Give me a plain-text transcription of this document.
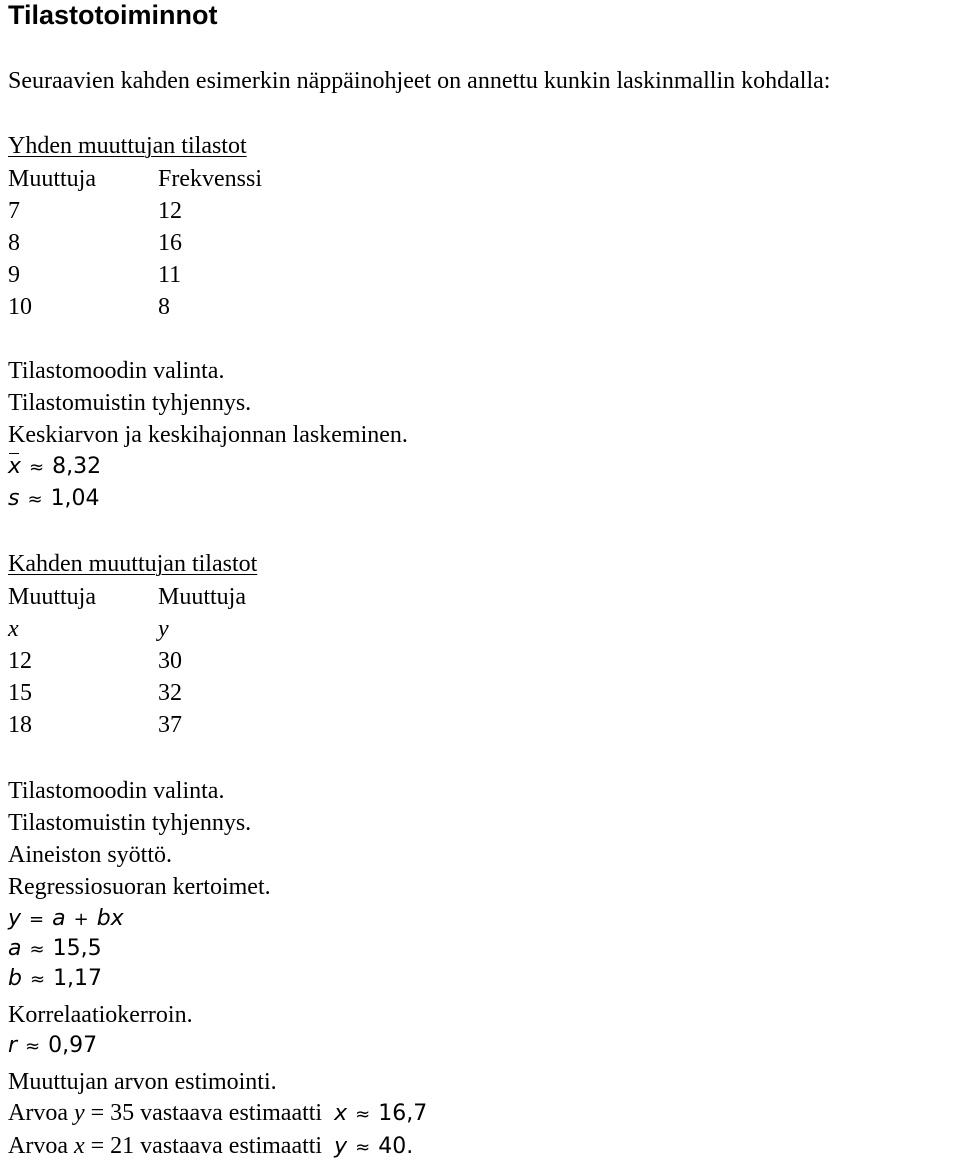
Tilastotoiminnot
Seuraavien kahden esimerkin näppäinohjeet on annettu kunkin laskinmallin kohdalla:
Yhden muuttujan tilastot
Muuttuja	Frekvenssi
7	12
8	16
9	11
10	8
Tilastomoodin valinta.
Tilastomuistin tyhjennys.
Keskiarvon ja keskihajonnan laskeminen.
x ≈ 8,32
s ≈ 1,04
Kahden muuttujan tilastot
Muuttuja	Muuttuja
x	y
12	30
15	32
18	37
Tilastomoodin valinta.
Tilastomuistin tyhjennys.
Aineiston syöttö.
Regressiosuoran kertoimet.
y = a + bx
a ≈ 15,5
b ≈ 1,17
Korrelaatiokerroin.
r ≈ 0,97
Muuttujan arvon estimointi.
Arvoa y = 35 vastaava estimaatti x ≈ 16,7
Arvoa x = 21 vastaava estimaatti y ≈ 40.
